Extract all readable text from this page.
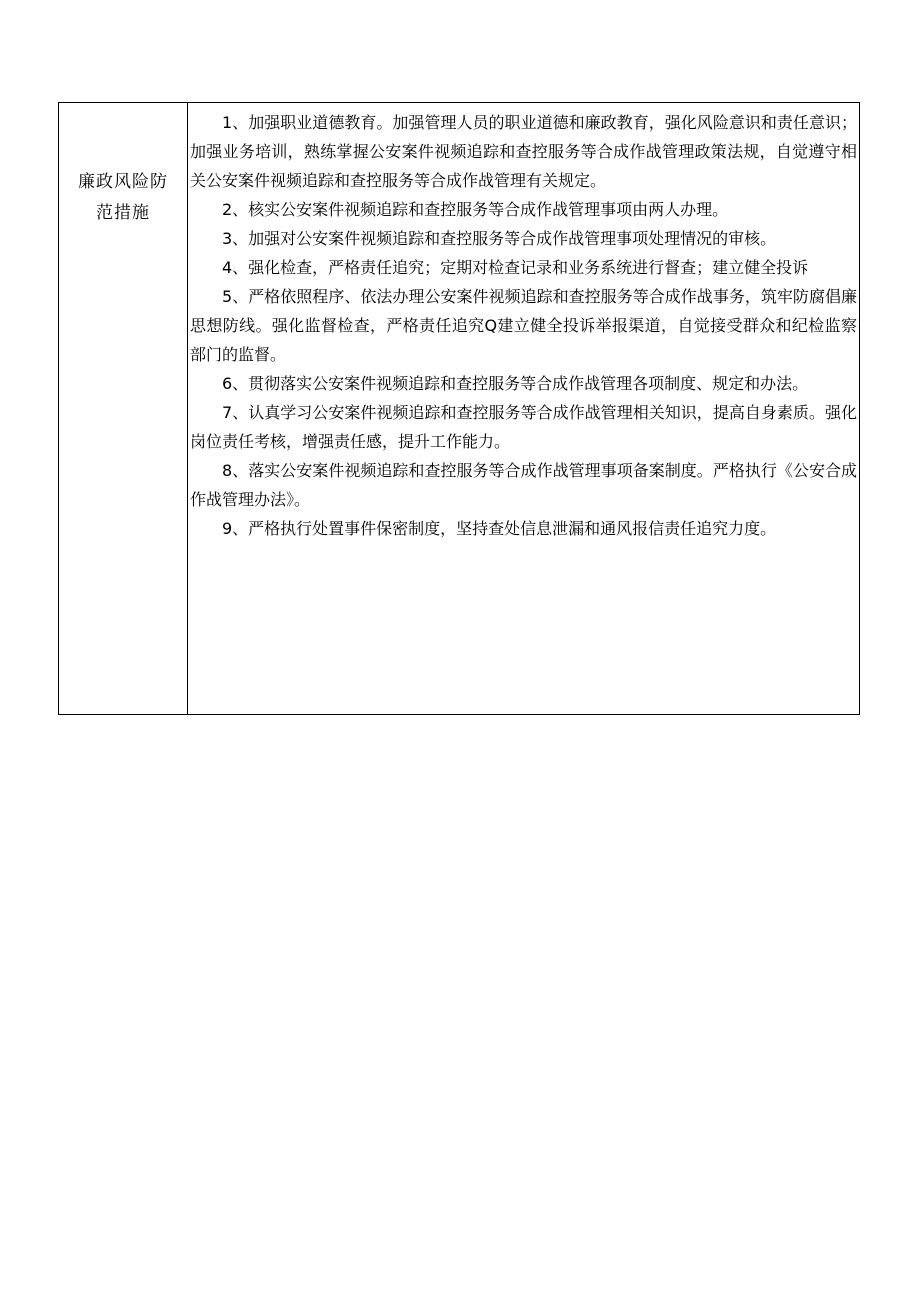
廉政风险防
范措施

1、加强职业道德教育。加强管理人员的职业道德和廉政教育，强化风险意识和责任意识；加强业务培训，熟练掌握公安案件视频追踪和查控服务等合成作战管理政策法规，自觉遵守相关公安案件视频追踪和查控服务等合成作战管理有关规定。

2、核实公安案件视频追踪和查控服务等合成作战管理事项由两人办理。

3、加强对公安案件视频追踪和查控服务等合成作战管理事项处理情况的审核。

4、强化检查，严格责任追究；定期对检查记录和业务系统进行督查；建立健全投诉

5、严格依照程序、依法办理公安案件视频追踪和查控服务等合成作战事务，筑牢防腐倡廉思想防线。强化监督检查，严格责任追究Q建立健全投诉举报渠道，自觉接受群众和纪检监察部门的监督。

6、贯彻落实公安案件视频追踪和查控服务等合成作战管理各项制度、规定和办法。

7、认真学习公安案件视频追踪和查控服务等合成作战管理相关知识，提高自身素质。强化岗位责任考核，增强责任感，提升工作能力。

8、落实公安案件视频追踪和查控服务等合成作战管理事项备案制度。严格执行《公安合成作战管理办法》。

9、严格执行处置事件保密制度，坚持查处信息泄漏和通风报信责任追究力度。
